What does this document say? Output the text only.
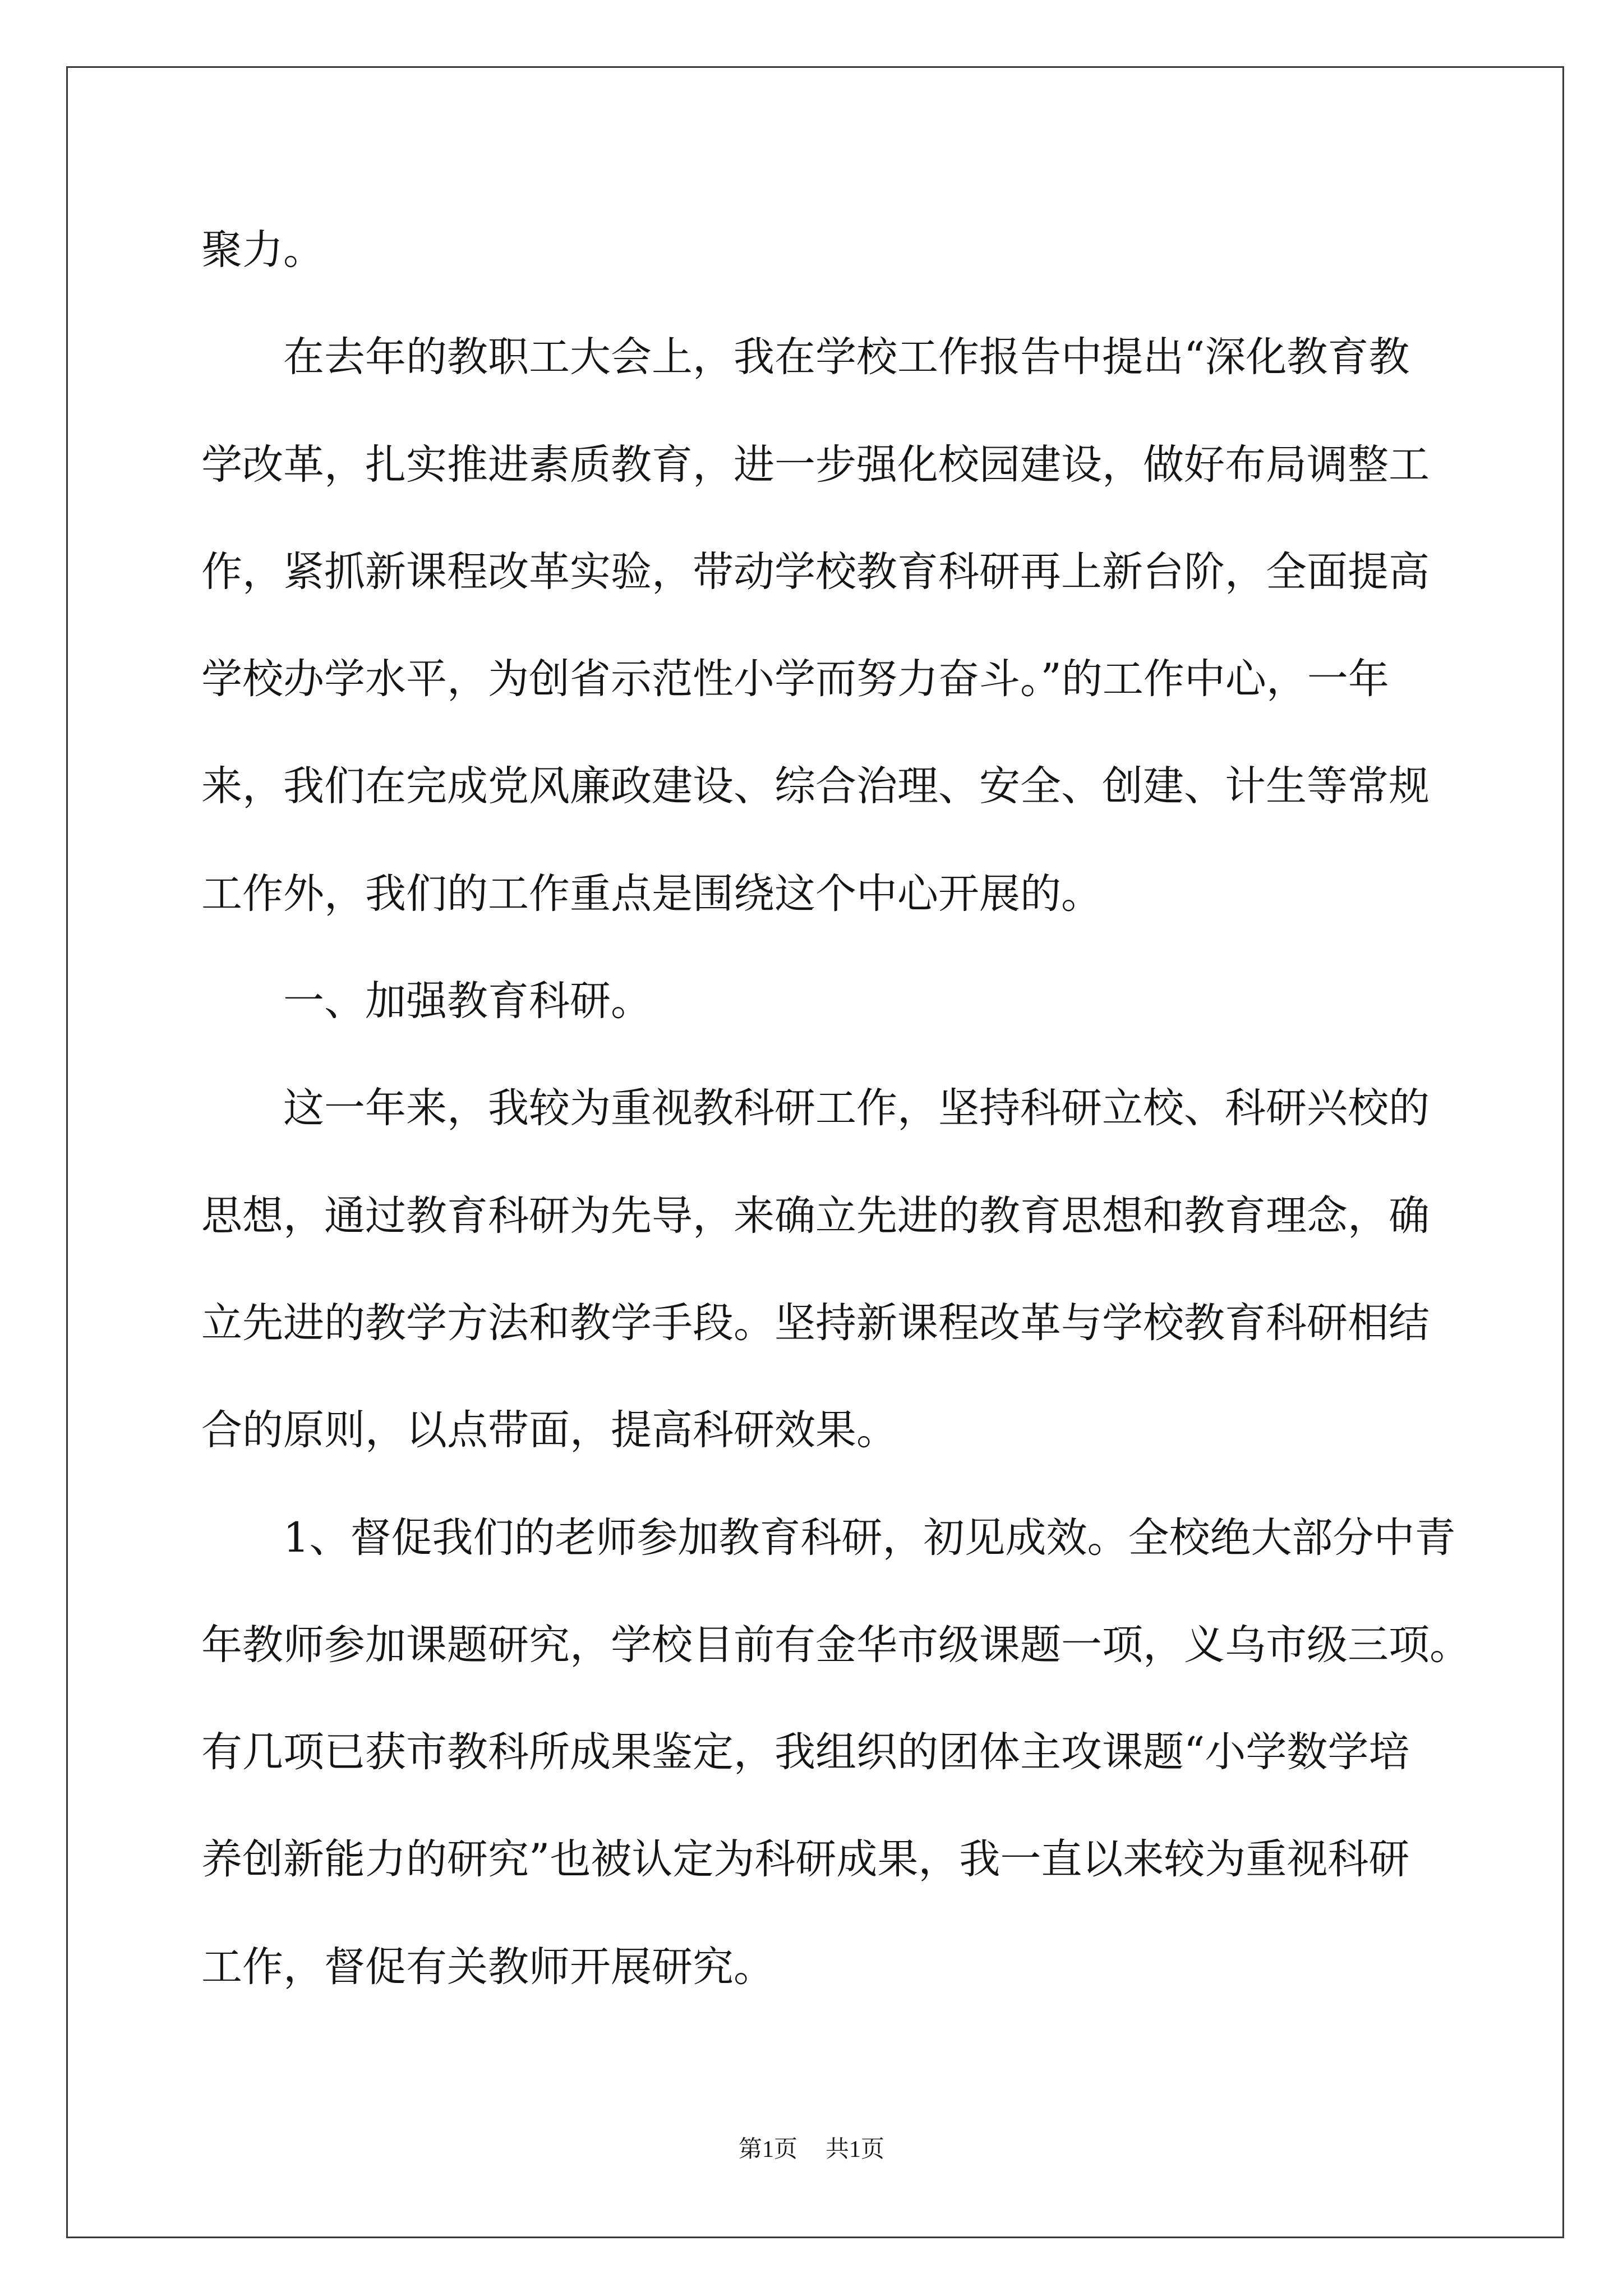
聚力。
在去年的教职工大会上，我在学校工作报告中提出“深化教育教
学改革，扎实推进素质教育，进一步强化校园建设，做好布局调整工
作，紧抓新课程改革实验，带动学校教育科研再上新台阶，全面提高
学校办学水平，为创省示范性小学而努力奋斗。”的工作中心，一年
来，我们在完成党风廉政建设、综合治理、安全、创建、计生等常规
工作外，我们的工作重点是围绕这个中心开展的。
一、加强教育科研。
这一年来，我较为重视教科研工作，坚持科研立校、科研兴校的
思想，通过教育科研为先导，来确立先进的教育思想和教育理念，确
立先进的教学方法和教学手段。坚持新课程改革与学校教育科研相结
合的原则，以点带面，提高科研效果。
1、督促我们的老师参加教育科研，初见成效。全校绝大部分中青
年教师参加课题研究，学校目前有金华市级课题一项，义乌市级三项。
有几项已获市教科所成果鉴定，我组织的团体主攻课题“小学数学培
养创新能力的研究”也被认定为科研成果，我一直以来较为重视科研
工作，督促有关教师开展研究。
第1页 共1页
